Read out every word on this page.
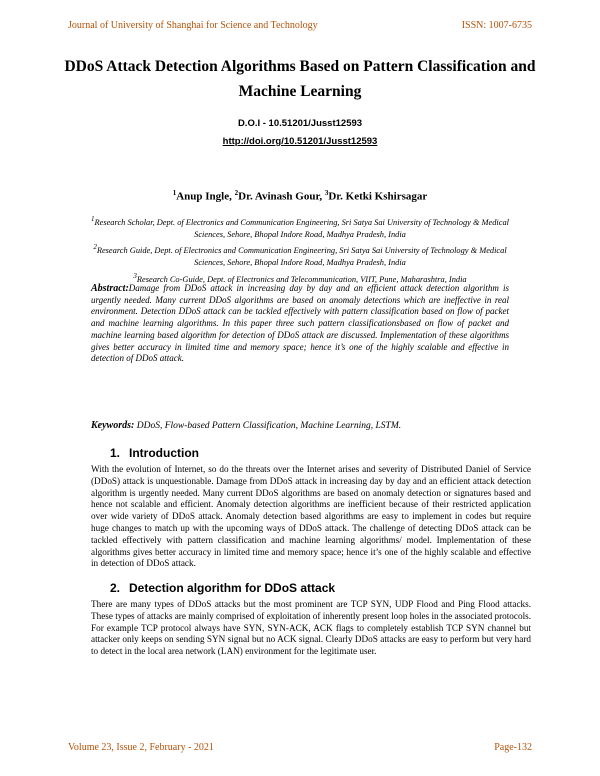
Journal of University of Shanghai for Science and Technology	ISSN: 1007-6735
DDoS Attack Detection Algorithms Based on Pattern Classification and Machine Learning
D.O.I - 10.51201/Jusst12593
http://doi.org/10.51201/Jusst12593
$^1$Anup Ingle, $^2$Dr. Avinash Gour, $^3$Dr. Ketki Kshirsagar

$^1$Research Scholar, Dept. of Electronics and Communication Engineering, Sri Satya Sai University of Technology & Medical Sciences, Sehore, Bhopal Indore Road, Madhya Pradesh, India

$^2$Research Guide, Dept. of Electronics and Communication Engineering, Sri Satya Sai University of Technology & Medical Sciences, Sehore, Bhopal Indore Road, Madhya Pradesh, India

$^3$Research Co-Guide, Dept. of Electronics and Telecommunication, VIIT, Pune, Maharashtra, India

Abstract:Damage from DDoS attack in increasing day by day and an efficient attack detection algorithm is urgently needed. Many current DDoS algorithms are based on anomaly detections which are ineffective in real environment. Detection DDoS attack can be tackled effectively with pattern classification based on flow of packet and machine learning algorithms. In this paper three such pattern classificationsbased on flow of packet and machine learning based algorithm for detection of DDoS attack are discussed. Implementation of these algorithms gives better accuracy in limited time and memory space; hence it’s one of the highly scalable and effective in detection of DDoS attack.
Keywords: DDoS, Flow-based Pattern Classification, Machine Learning, LSTM.
1. Introduction
With the evolution of Internet, so do the threats over the Internet arises and severity of Distributed Daniel of Service (DDoS) attack is unquestionable. Damage from DDoS attack in increasing day by day and an efficient attack detection algorithm is urgently needed. Many current DDoS algorithms are based on anomaly detection or signatures based and hence not scalable and efficient. Anomaly detection algorithms are inefficient because of their restricted application over wide variety of DDoS attack. Anomaly detection based algorithms are easy to implement in codes but require huge changes to match up with the upcoming ways of DDoS attack. The challenge of detecting DDoS attack can be tackled effectively with pattern classification and machine learning algorithms/ model. Implementation of these algorithms gives better accuracy in limited time and memory space; hence it’s one of the highly scalable and effective in detection of DDoS attack.
2. Detection algorithm for DDoS attack
There are many types of DDoS attacks but the most prominent are TCP SYN, UDP Flood and Ping Flood attacks. These types of attacks are mainly comprised of exploitation of inherently present loop holes in the associated protocols. For example TCP protocol always have SYN, SYN-ACK, ACK flags to completely establish TCP SYN channel but attacker only keeps on sending SYN signal but no ACK signal. Clearly DDoS attacks are easy to perform but very hard to detect in the local area network (LAN) environment for the legitimate user.
Volume 23, Issue 2, February - 2021	Page-132
